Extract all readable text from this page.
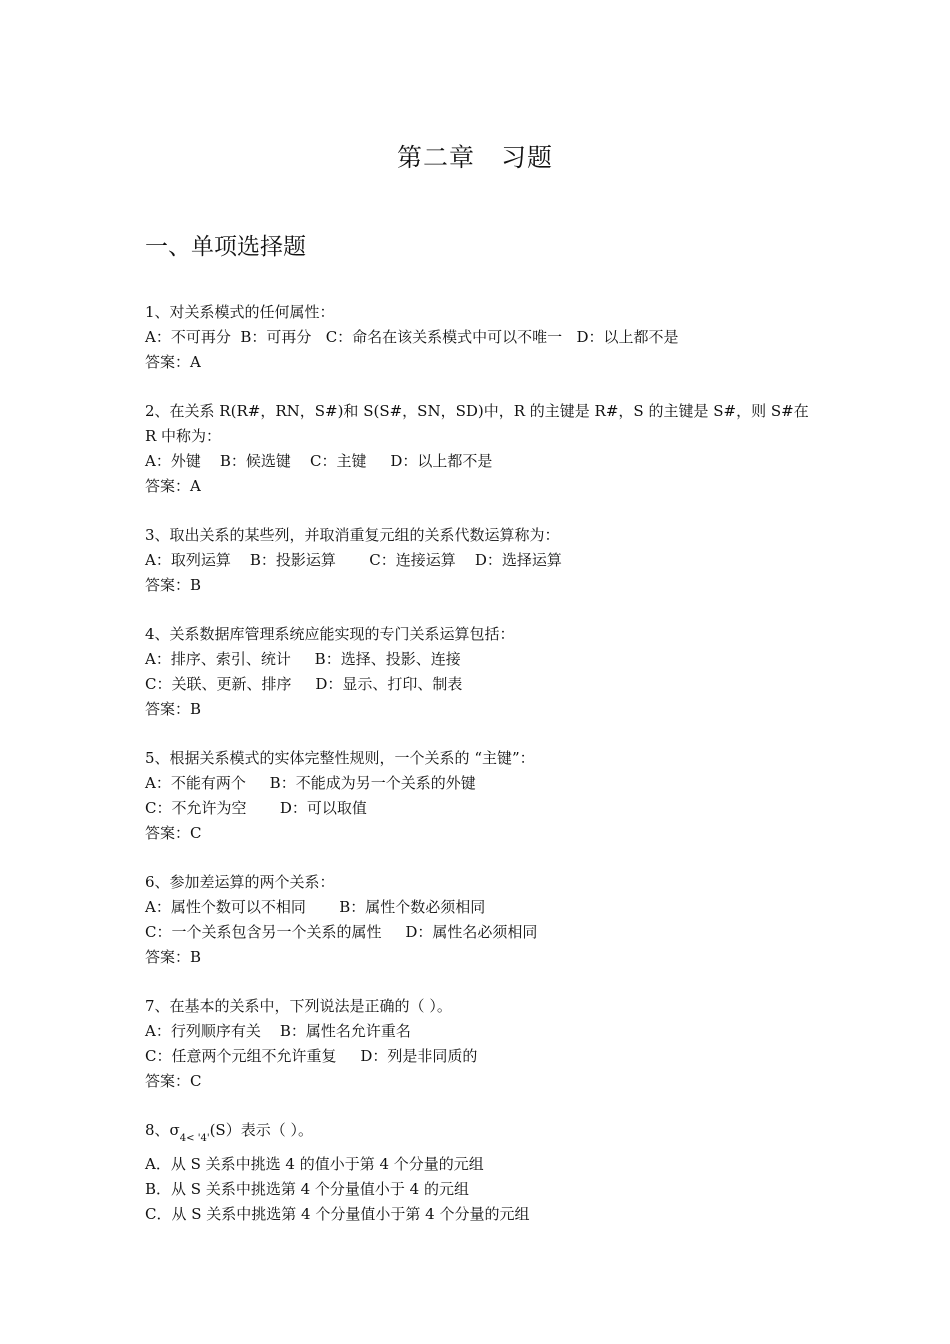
第二章　习题
一、单项选择题
1、对关系模式的任何属性：
A：不可再分  B：可再分   C：命名在该关系模式中可以不唯一   D：以上都不是
答案：A
2、在关系 R(R#，RN，S#)和 S(S#，SN，SD)中，R 的主键是 R#，S 的主键是 S#，则 S#在
R 中称为：
A：外键    B：候选键    C：主键     D：以上都不是
答案：A
3、取出关系的某些列，并取消重复元组的关系代数运算称为：
A：取列运算    B：投影运算       C：连接运算    D：选择运算
答案：B
4、关系数据库管理系统应能实现的专门关系运算包括：
A：排序、索引、统计     B：选择、投影、连接
C：关联、更新、排序     D：显示、打印、制表
答案：B
5、根据关系模式的实体完整性规则，一个关系的 “主键”：
A：不能有两个     B：不能成为另一个关系的外键
C：不允许为空       D：可以取值
答案：C
6、参加差运算的两个关系：
A：属性个数可以不相同       B：属性个数必须相同
C：一个关系包含另一个关系的属性     D：属性名必须相同
答案：B
7、在基本的关系中，下列说法是正确的（ ）。
A：行列顺序有关    B：属性名允许重名
C：任意两个元组不允许重复     D：列是非同质的
答案：C
8、$\sigma_{4< '4'}(S)$表示（ ）。
A．从 S 关系中挑选 4 的值小于第 4 个分量的元组
B．从 S 关系中挑选第 4 个分量值小于 4 的元组
C．从 S 关系中挑选第 4 个分量值小于第 4 个分量的元组
